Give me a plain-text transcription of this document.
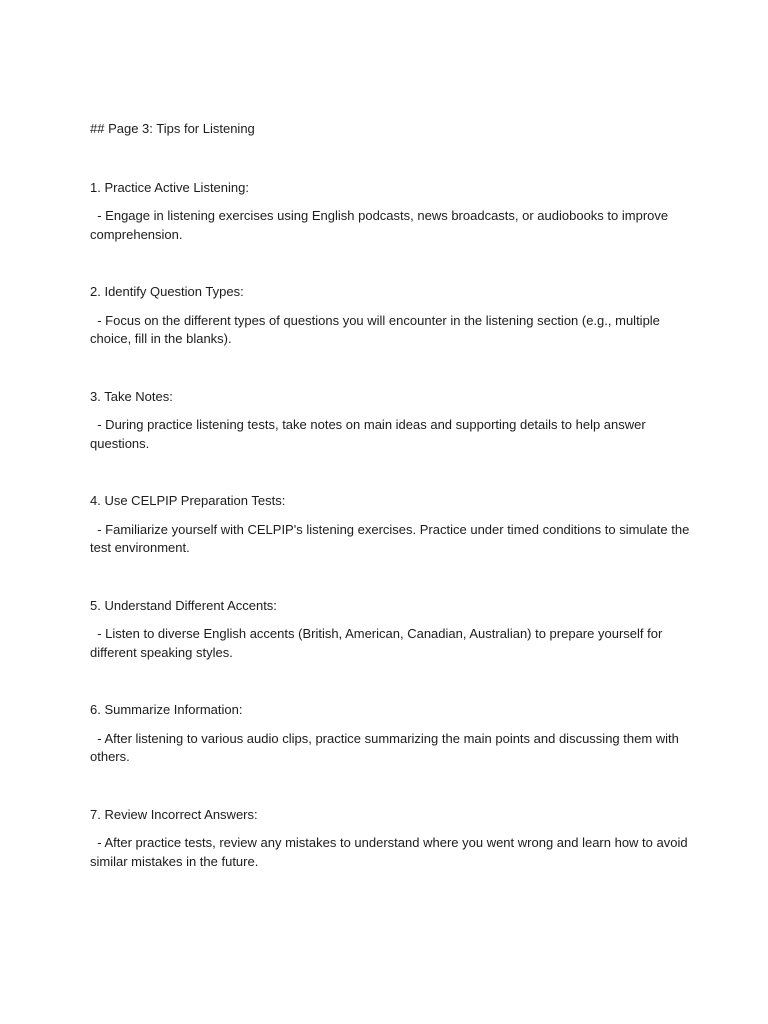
## Page 3: Tips for Listening

1. Practice Active Listening:

- Engage in listening exercises using English podcasts, news broadcasts, or audiobooks to improve comprehension.

2. Identify Question Types:

- Focus on the different types of questions you will encounter in the listening section (e.g., multiple choice, fill in the blanks).

3. Take Notes:

- During practice listening tests, take notes on main ideas and supporting details to help answer questions.

4. Use CELPIP Preparation Tests:

- Familiarize yourself with CELPIP's listening exercises. Practice under timed conditions to simulate the test environment.

5. Understand Different Accents:

- Listen to diverse English accents (British, American, Canadian, Australian) to prepare yourself for different speaking styles.

6. Summarize Information:

- After listening to various audio clips, practice summarizing the main points and discussing them with others.

7. Review Incorrect Answers:

- After practice tests, review any mistakes to understand where you went wrong and learn how to avoid similar mistakes in the future.
